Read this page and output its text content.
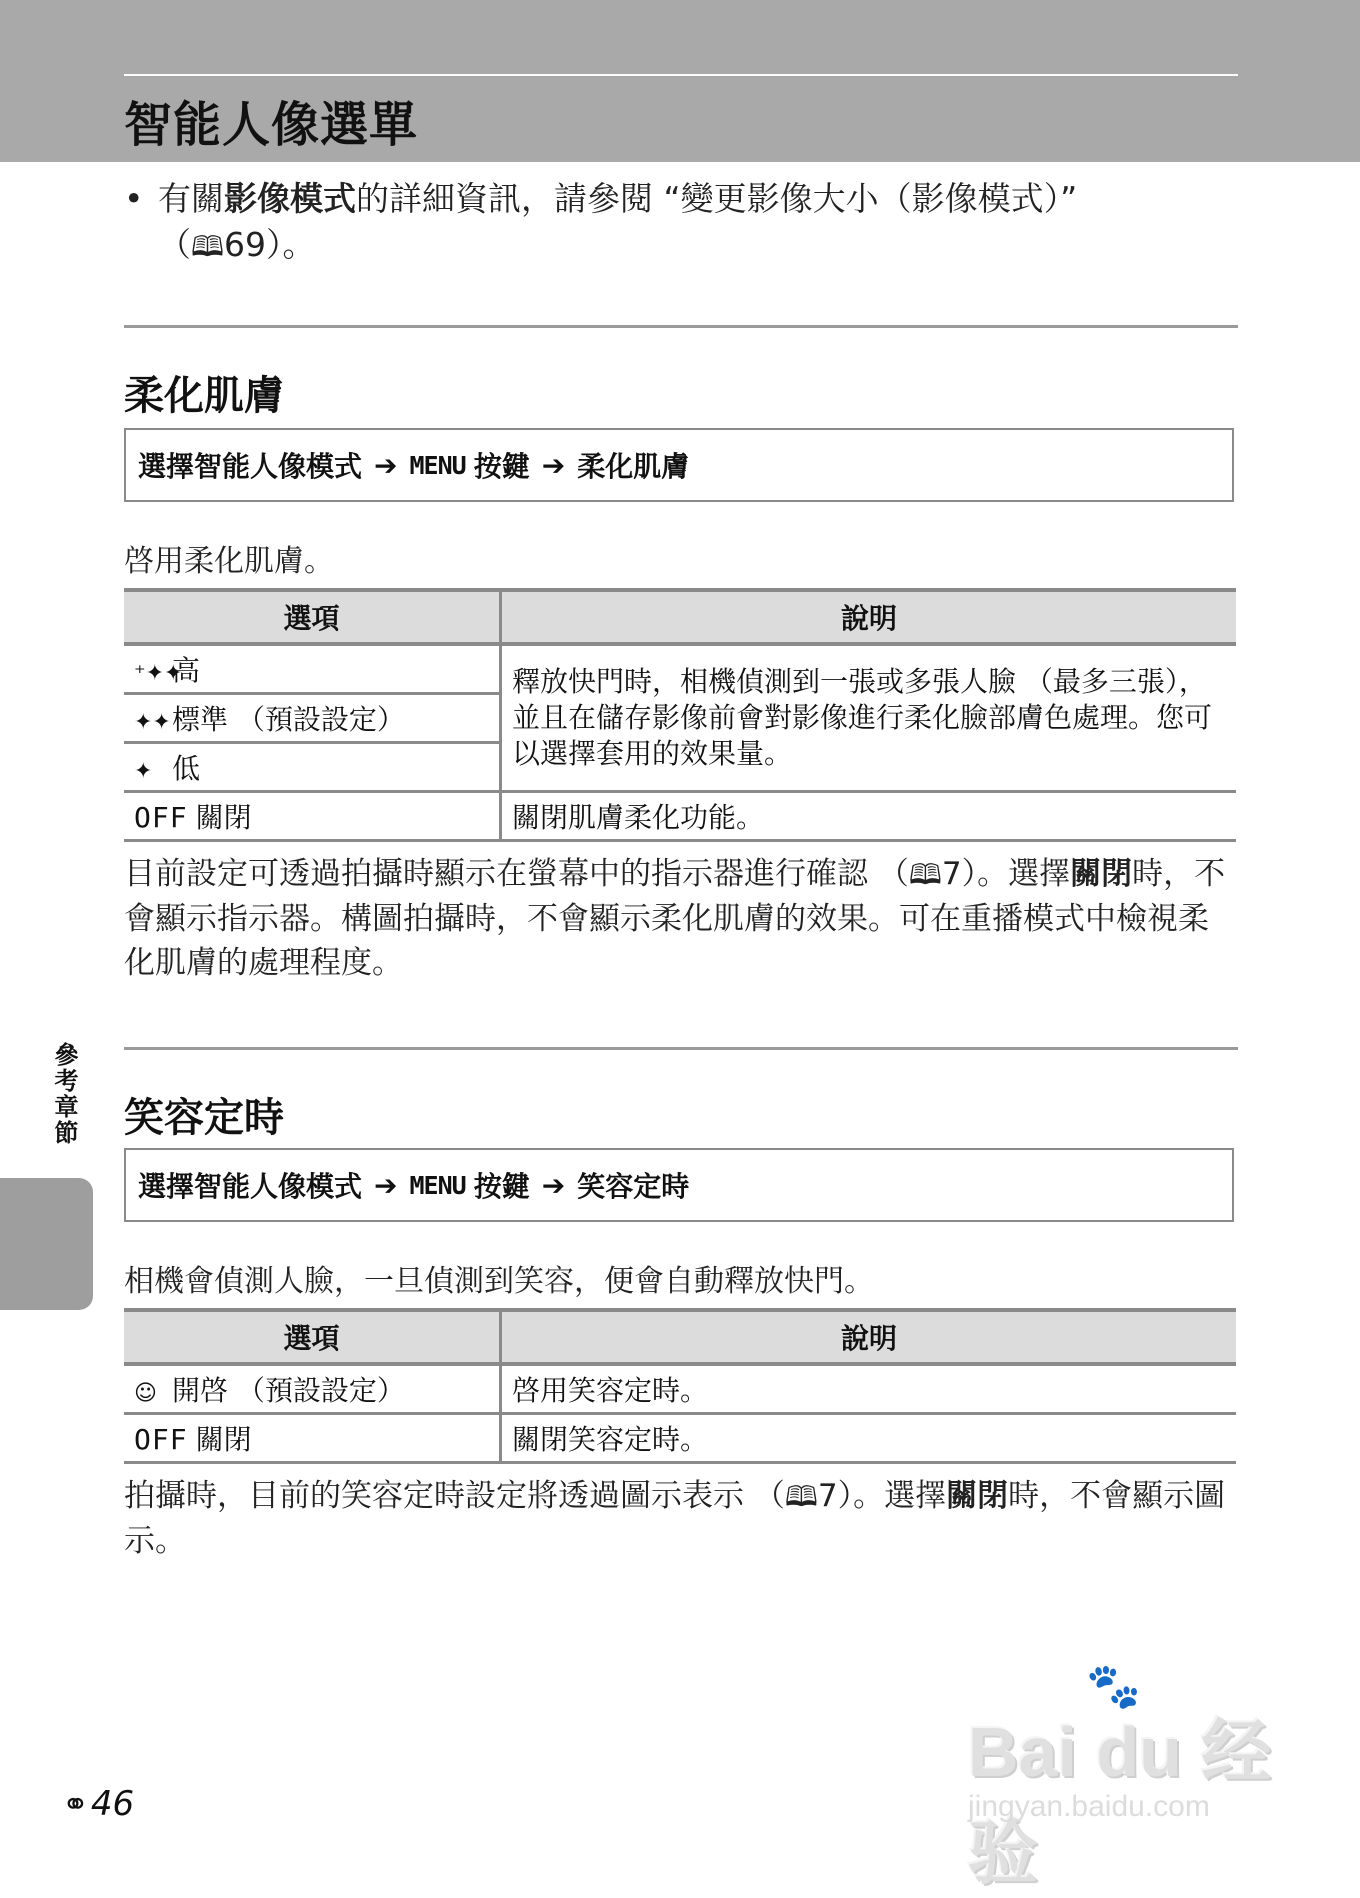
智能人像選單
• 有關影像模式的詳細資訊，請參閱 “變更影像大小（影像模式）”
（🕮69）。
柔化肌膚
選擇智能人像模式 ➔ MENU 按鍵 ➔ 柔化肌膚
啓用柔化肌膚。
選項	說明
⁺✦✦高	釋放快門時，相機偵測到一張或多張人臉 （最多三張），並且在儲存影像前會對影像進行柔化臉部膚色處理。您可以選擇套用的效果量。
✦✦標準 （預設設定）	
✦ 低	
OFF 關閉	關閉肌膚柔化功能。
目前設定可透過拍攝時顯示在螢幕中的指示器進行確認 （🕮7）。選擇關閉時，不會顯示指示器。構圖拍攝時，不會顯示柔化肌膚的效果。可在重播模式中檢視柔化肌膚的處理程度。
笑容定時
選擇智能人像模式 ➔ MENU 按鍵 ➔ 笑容定時
相機會偵測人臉，一旦偵測到笑容，便會自動釋放快門。
選項	說明
☺ 開啓 （預設設定）	啓用笑容定時。
OFF 關閉	關閉笑容定時。
拍攝時，目前的笑容定時設定將透過圖示表示 （🕮7）。選擇關閉時，不會顯示圖示。
參考章節
⚭ 46
🐾
Bai du 经验
jingyan.baidu.com
